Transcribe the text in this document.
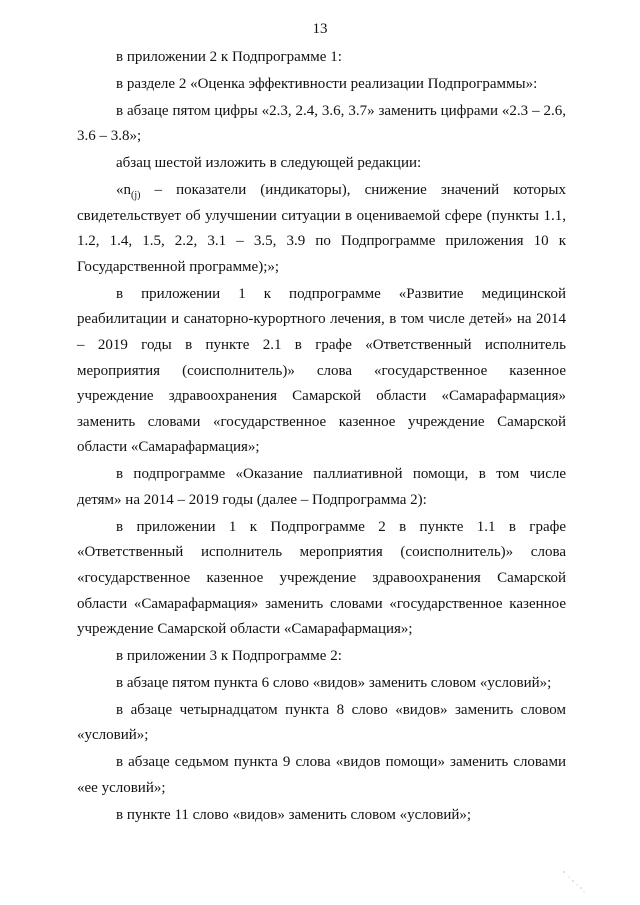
13

в приложении 2 к Подпрограмме 1:

в разделе 2 «Оценка эффективности реализации Подпрограммы»:

в абзаце пятом цифры «2.3, 2.4, 3.6, 3.7» заменить цифрами «2.3 – 2.6, 3.6 – 3.8»;

абзац шестой изложить в следующей редакции:

«$n_{(j)}$ – показатели (индикаторы), снижение значений которых свидетельствует об улучшении ситуации в оцениваемой сфере (пункты 1.1, 1.2, 1.4, 1.5, 2.2, 3.1 – 3.5, 3.9 по Подпрограмме приложения 10 к Государственной программе);»;

в приложении 1 к подпрограмме «Развитие медицинской реабилитации и санаторно-курортного лечения, в том числе детей» на 2014 – 2019 годы в пункте 2.1 в графе «Ответственный исполнитель мероприятия (соисполнитель)» слова «государственное казенное учреждение здравоохранения Самарской области «Самарафармация» заменить словами «государственное казенное учреждение Самарской области «Самарафармация»;

в подпрограмме «Оказание паллиативной помощи, в том числе детям» на 2014 – 2019 годы (далее – Подпрограмма 2):

в приложении 1 к Подпрограмме 2 в пункте 1.1 в графе «Ответственный исполнитель мероприятия (соисполнитель)» слова «государственное казенное учреждение здравоохранения Самарской области «Самарафармация» заменить словами «государственное казенное учреждение Самарской области «Самарафармация»;

в приложении 3 к Подпрограмме 2:

в абзаце пятом пункта 6 слово «видов» заменить словом «условий»;

в абзаце четырнадцатом пункта 8 слово «видов» заменить словом «условий»;

в абзаце седьмом пункта 9 слова «видов помощи» заменить словами «ее условий»;

в пункте 11 слово «видов» заменить словом «условий»;
